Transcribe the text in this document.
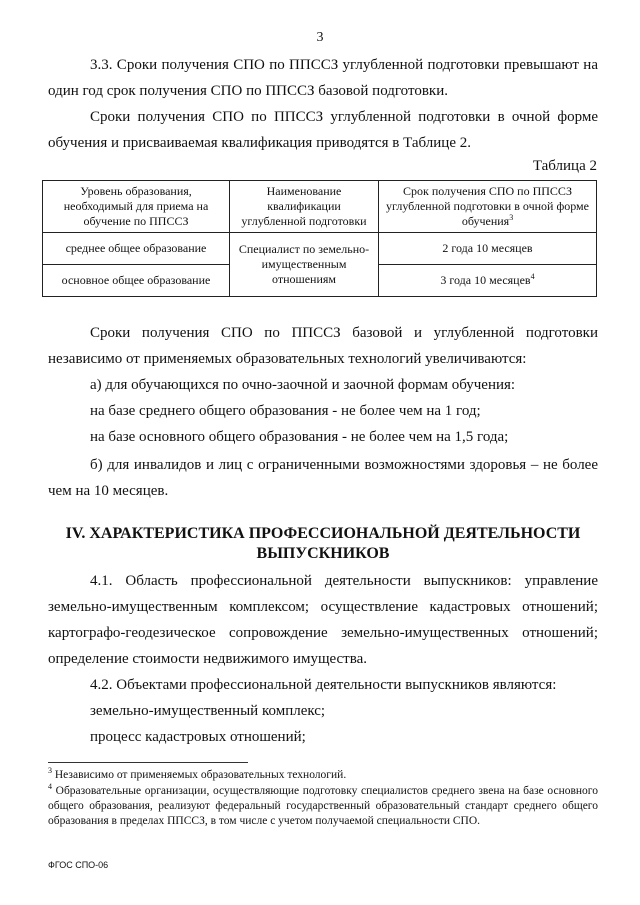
3

3.3. Сроки получения СПО по ППССЗ углубленной подготовки превышают на один год срок получения СПО по ППССЗ базовой подготовки.

Сроки получения СПО по ППССЗ углубленной подготовки в очной форме обучения и присваиваемая квалификация приводятся в Таблице 2.

Таблица 2
Уровень образования, необходимый для приема на обучение по ППССЗ	Наименование квалификации углубленной подготовки	Срок получения СПО по ППССЗ углубленной подготовки в очной форме обучения$^3$
среднее общее образование	Специалист по земельно-имущественным отношениям	2 года 10 месяцев
основное общее образование		3 года 10 месяцев$^4$

Сроки получения СПО по ППССЗ базовой и углубленной подготовки независимо от применяемых образовательных технологий увеличиваются:

а) для обучающихся по очно-заочной и заочной формам обучения:

на базе среднего общего образования - не более чем на 1 год;

на базе основного общего образования - не более чем на 1,5 года;

б) для инвалидов и лиц с ограниченными возможностями здоровья – не более чем на 10 месяцев.

IV. ХАРАКТЕРИСТИКА ПРОФЕССИОНАЛЬНОЙ ДЕЯТЕЛЬНОСТИ ВЫПУСКНИКОВ

4.1. Область профессиональной деятельности выпускников: управление земельно-имущественным комплексом; осуществление кадастровых отношений; картографо-геодезическое сопровождение земельно-имущественных отношений; определение стоимости недвижимого имущества.

4.2. Объектами профессиональной деятельности выпускников являются:

земельно-имущественный комплекс;

процесс кадастровых отношений;

$^3$ Независимо от применяемых образовательных технологий.

$^4$ Образовательные организации, осуществляющие подготовку специалистов среднего звена на базе основного общего образования, реализуют федеральный государственный образовательный стандарт среднего общего образования в пределах ППССЗ, в том числе с учетом получаемой специальности СПО.

ФГОС СПО-06
